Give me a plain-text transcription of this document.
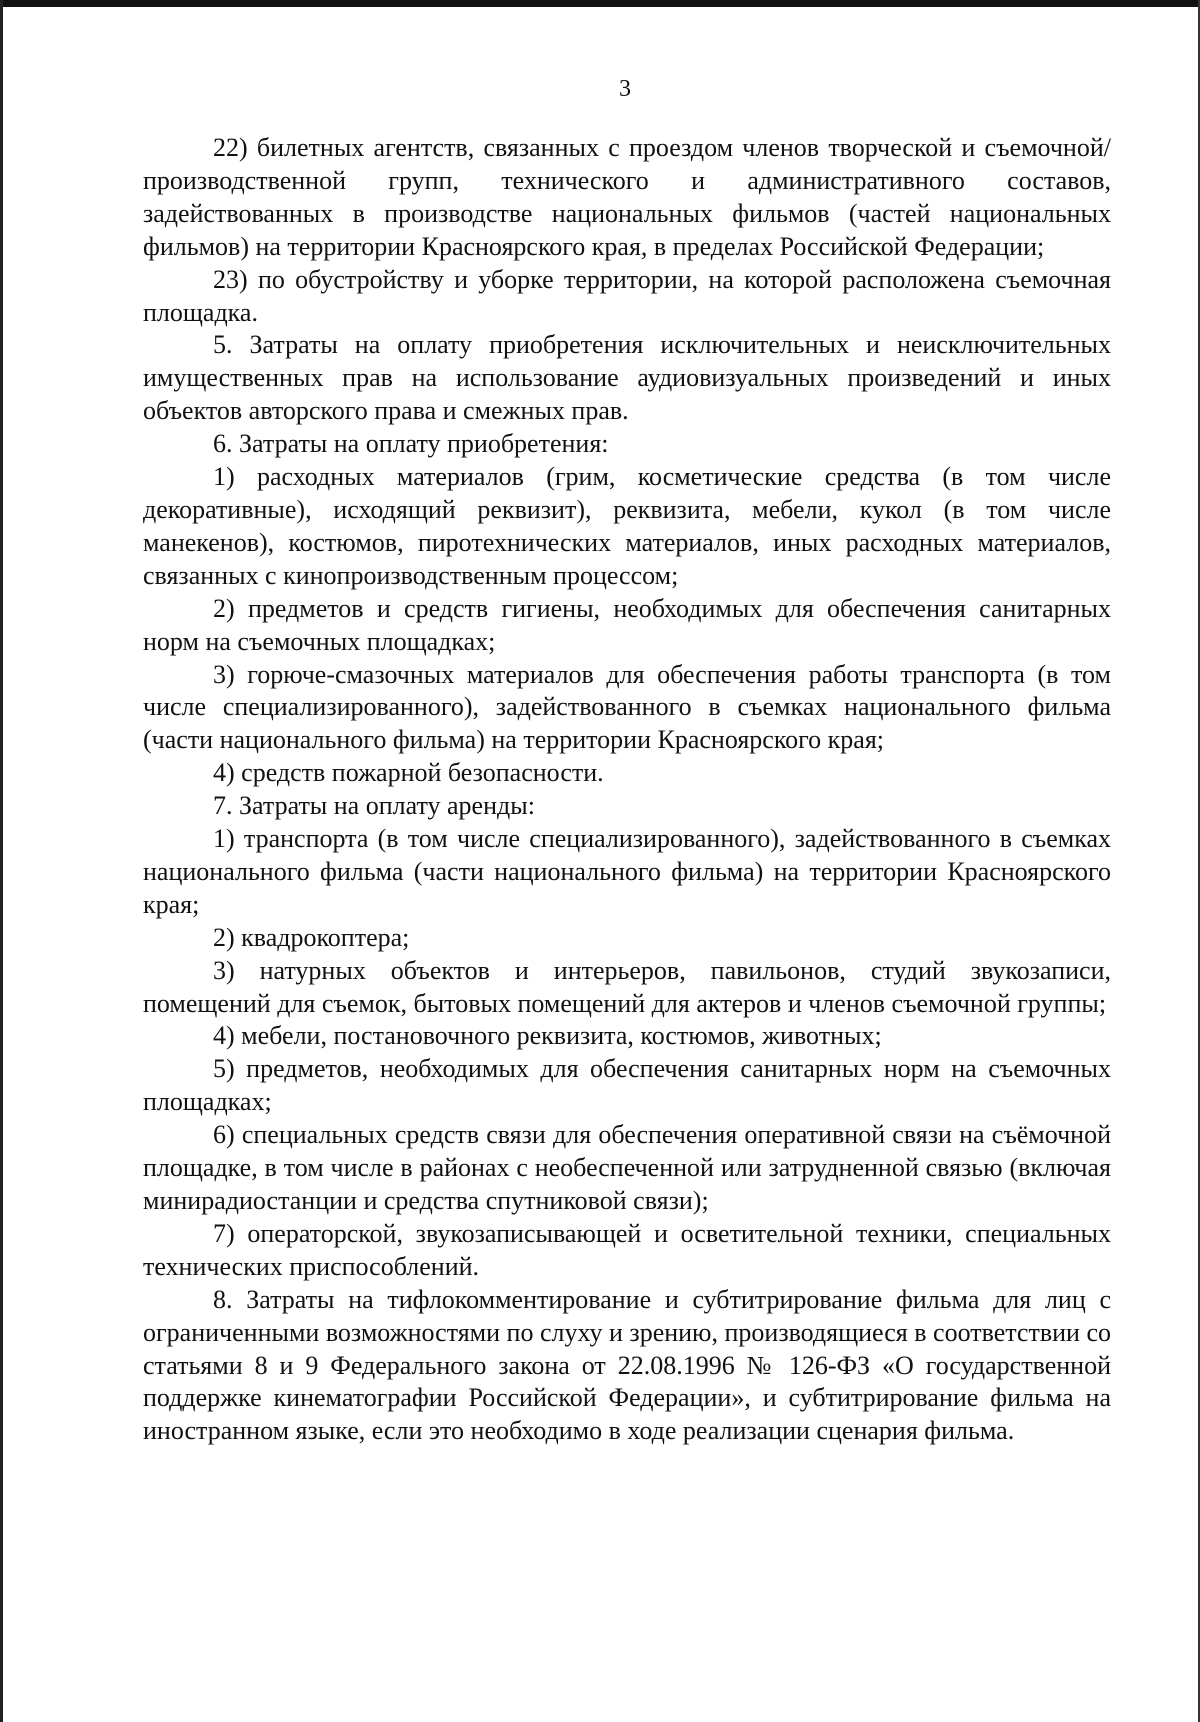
3

22) билетных агентств, связанных с проездом членов творческой и съемочной/производственной групп, технического и административного составов, задействованных в производстве национальных фильмов (частей национальных фильмов) на территории Красноярского края, в пределах Российской Федерации;

23) по обустройству и уборке территории, на которой расположена съемочная площадка.

5. Затраты на оплату приобретения исключительных и неисключительных имущественных прав на использование аудиовизуальных произведений и иных объектов авторского права и смежных прав.

6. Затраты на оплату приобретения:

1) расходных материалов (грим, косметические средства (в том числе декоративные), исходящий реквизит), реквизита, мебели, кукол (в том числе манекенов), костюмов, пиротехнических материалов, иных расходных материалов, связанных с кинопроизводственным процессом;

2) предметов и средств гигиены, необходимых для обеспечения санитарных норм на съемочных площадках;

3) горюче-смазочных материалов для обеспечения работы транспорта (в том числе специализированного), задействованного в съемках национального фильма (части национального фильма) на территории Красноярского края;

4) средств пожарной безопасности.

7. Затраты на оплату аренды:

1) транспорта (в том числе специализированного), задействованного в съемках национального фильма (части национального фильма) на территории Красноярского края;

2) квадрокоптера;

3) натурных объектов и интерьеров, павильонов, студий звукозаписи, помещений для съемок, бытовых помещений для актеров и членов съемочной группы;

4) мебели, постановочного реквизита, костюмов, животных;

5) предметов, необходимых для обеспечения санитарных норм на съемочных площадках;

6) специальных средств связи для обеспечения оперативной связи на съёмочной площадке, в том числе в районах с необеспеченной или затрудненной связью (включая минирадиостанции и средства спутниковой связи);

7) операторской, звукозаписывающей и осветительной техники, специальных технических приспособлений.

8. Затраты на тифлокомментирование и субтитрирование фильма для лиц с ограниченными возможностями по слуху и зрению, производящиеся в соответствии со статьями 8 и 9 Федерального закона от 22.08.1996 № 126-ФЗ «О государственной поддержке кинематографии Российской Федерации», и субтитрирование фильма на иностранном языке, если это необходимо в ходе реализации сценария фильма.
